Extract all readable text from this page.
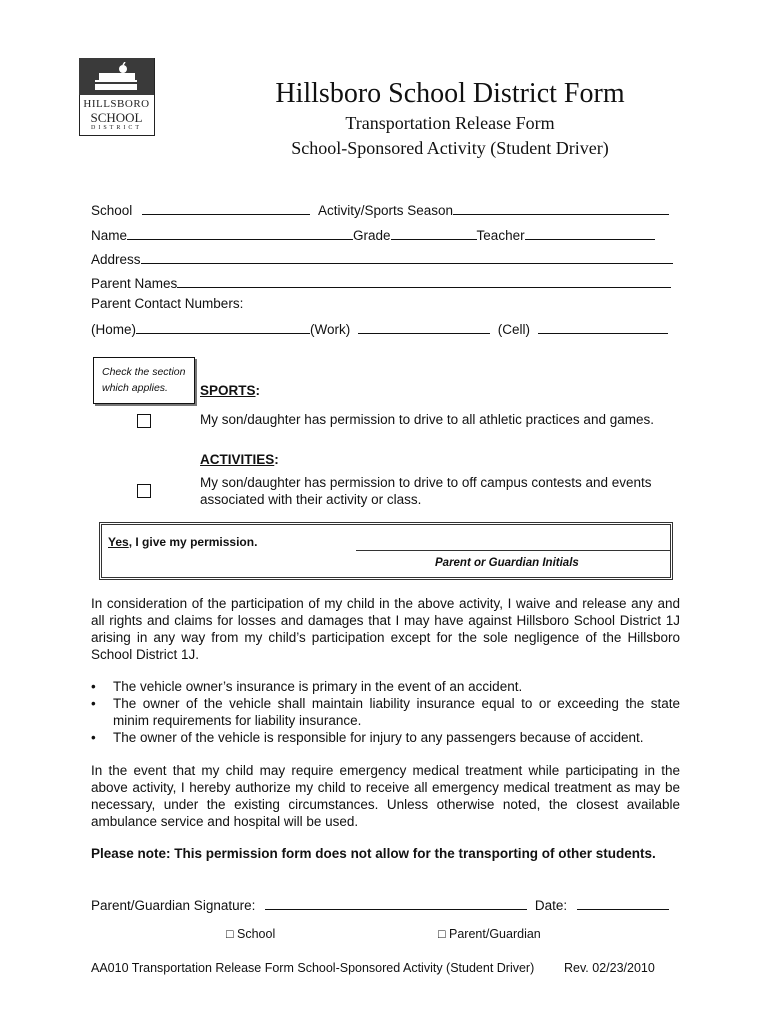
HILLSBORO
SCHOOL
DISTRICT
Hillsboro School District Form
Transportation Release Form
School-Sponsored Activity (Student Driver)
School	Activity/Sports Season
Name	Grade	Teacher
Address
Parent Names
Parent Contact Numbers:
(Home)	(Work)	(Cell)
Check the section
which applies.	SPORTS:
My son/daughter has permission to drive to all athletic practices and games.
ACTIVITIES:
My son/daughter has permission to drive to off campus contests and events
associated with their activity or class.
Yes, I give my permission.
Parent or Guardian Initials
In consideration of the participation of my child in the above activity, I waive and release any and all rights and claims for losses and damages that I may have against Hillsboro School District 1J arising in any way from my child’s participation except for the sole negligence of the Hillsboro School District 1J.
• The vehicle owner’s insurance is primary in the event of an accident.
• The owner of the vehicle shall maintain liability insurance equal to or exceeding the state minim requirements for liability insurance.
• The owner of the vehicle is responsible for injury to any passengers because of accident.
In the event that my child may require emergency medical treatment while participating in the above activity, I hereby authorize my child to receive all emergency medical treatment as may be necessary, under the existing circumstances. Unless otherwise noted, the closest available ambulance service and hospital will be used.
Please note: This permission form does not allow for the transporting of other students.
Parent/Guardian Signature:	Date:
□ School	□ Parent/Guardian
AA010 Transportation Release Form School-Sponsored Activity (Student Driver) Rev. 02/23/2010
